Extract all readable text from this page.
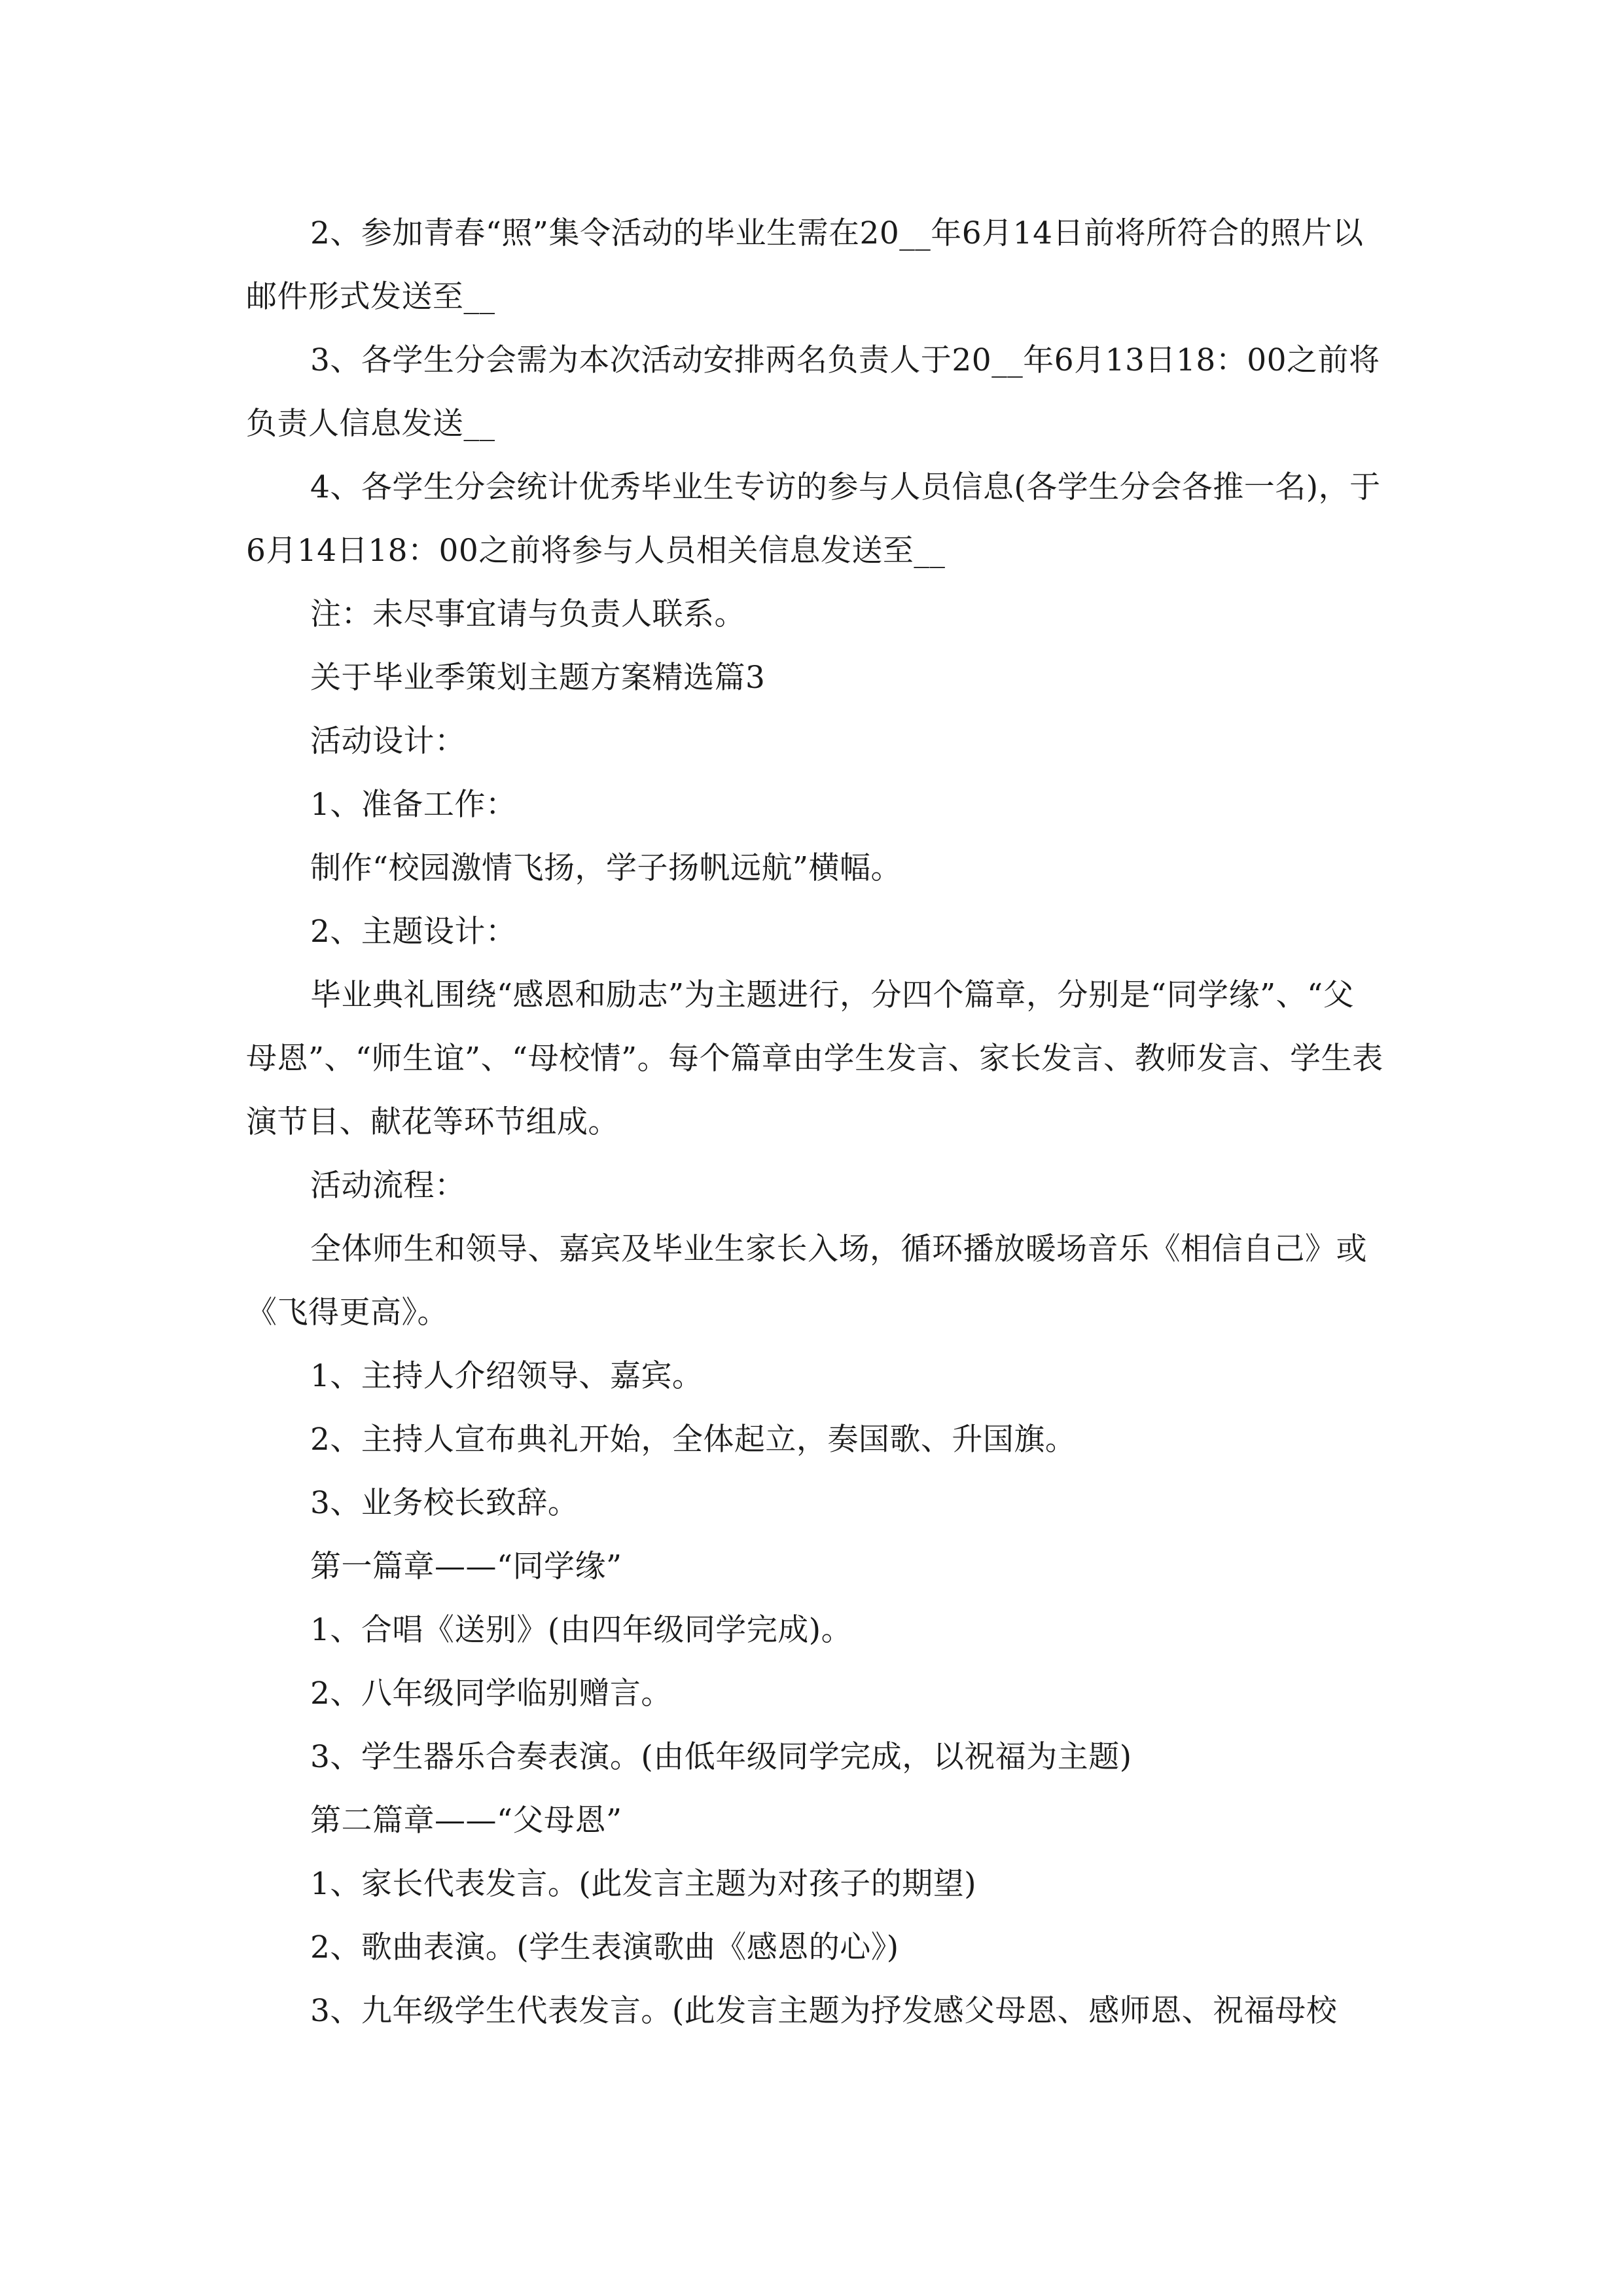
2、参加青春“照”集令活动的毕业生需在20__年6月14日前将所符合的照片以邮件形式发送至__

3、各学生分会需为本次活动安排两名负责人于20__年6月13日18：00之前将负责人信息发送__

4、各学生分会统计优秀毕业生专访的参与人员信息(各学生分会各推一名)，于6月14日18：00之前将参与人员相关信息发送至__

注：未尽事宜请与负责人联系。

关于毕业季策划主题方案精选篇3

活动设计：

1、准备工作：

制作“校园激情飞扬，学子扬帆远航”横幅。

2、主题设计：

毕业典礼围绕“感恩和励志”为主题进行，分四个篇章，分别是“同学缘”、“父母恩”、“师生谊”、“母校情”。每个篇章由学生发言、家长发言、教师发言、学生表演节目、献花等环节组成。

活动流程：

全体师生和领导、嘉宾及毕业生家长入场，循环播放暖场音乐《相信自己》或《飞得更高》。

1、主持人介绍领导、嘉宾。

2、主持人宣布典礼开始，全体起立，奏国歌、升国旗。

3、业务校长致辞。

第一篇章——“同学缘”

1、合唱《送别》(由四年级同学完成)。

2、八年级同学临别赠言。

3、学生器乐合奏表演。(由低年级同学完成，以祝福为主题)

第二篇章——“父母恩”

1、家长代表发言。(此发言主题为对孩子的期望)

2、歌曲表演。(学生表演歌曲《感恩的心》)

3、九年级学生代表发言。(此发言主题为抒发感父母恩、感师恩、祝福母校
